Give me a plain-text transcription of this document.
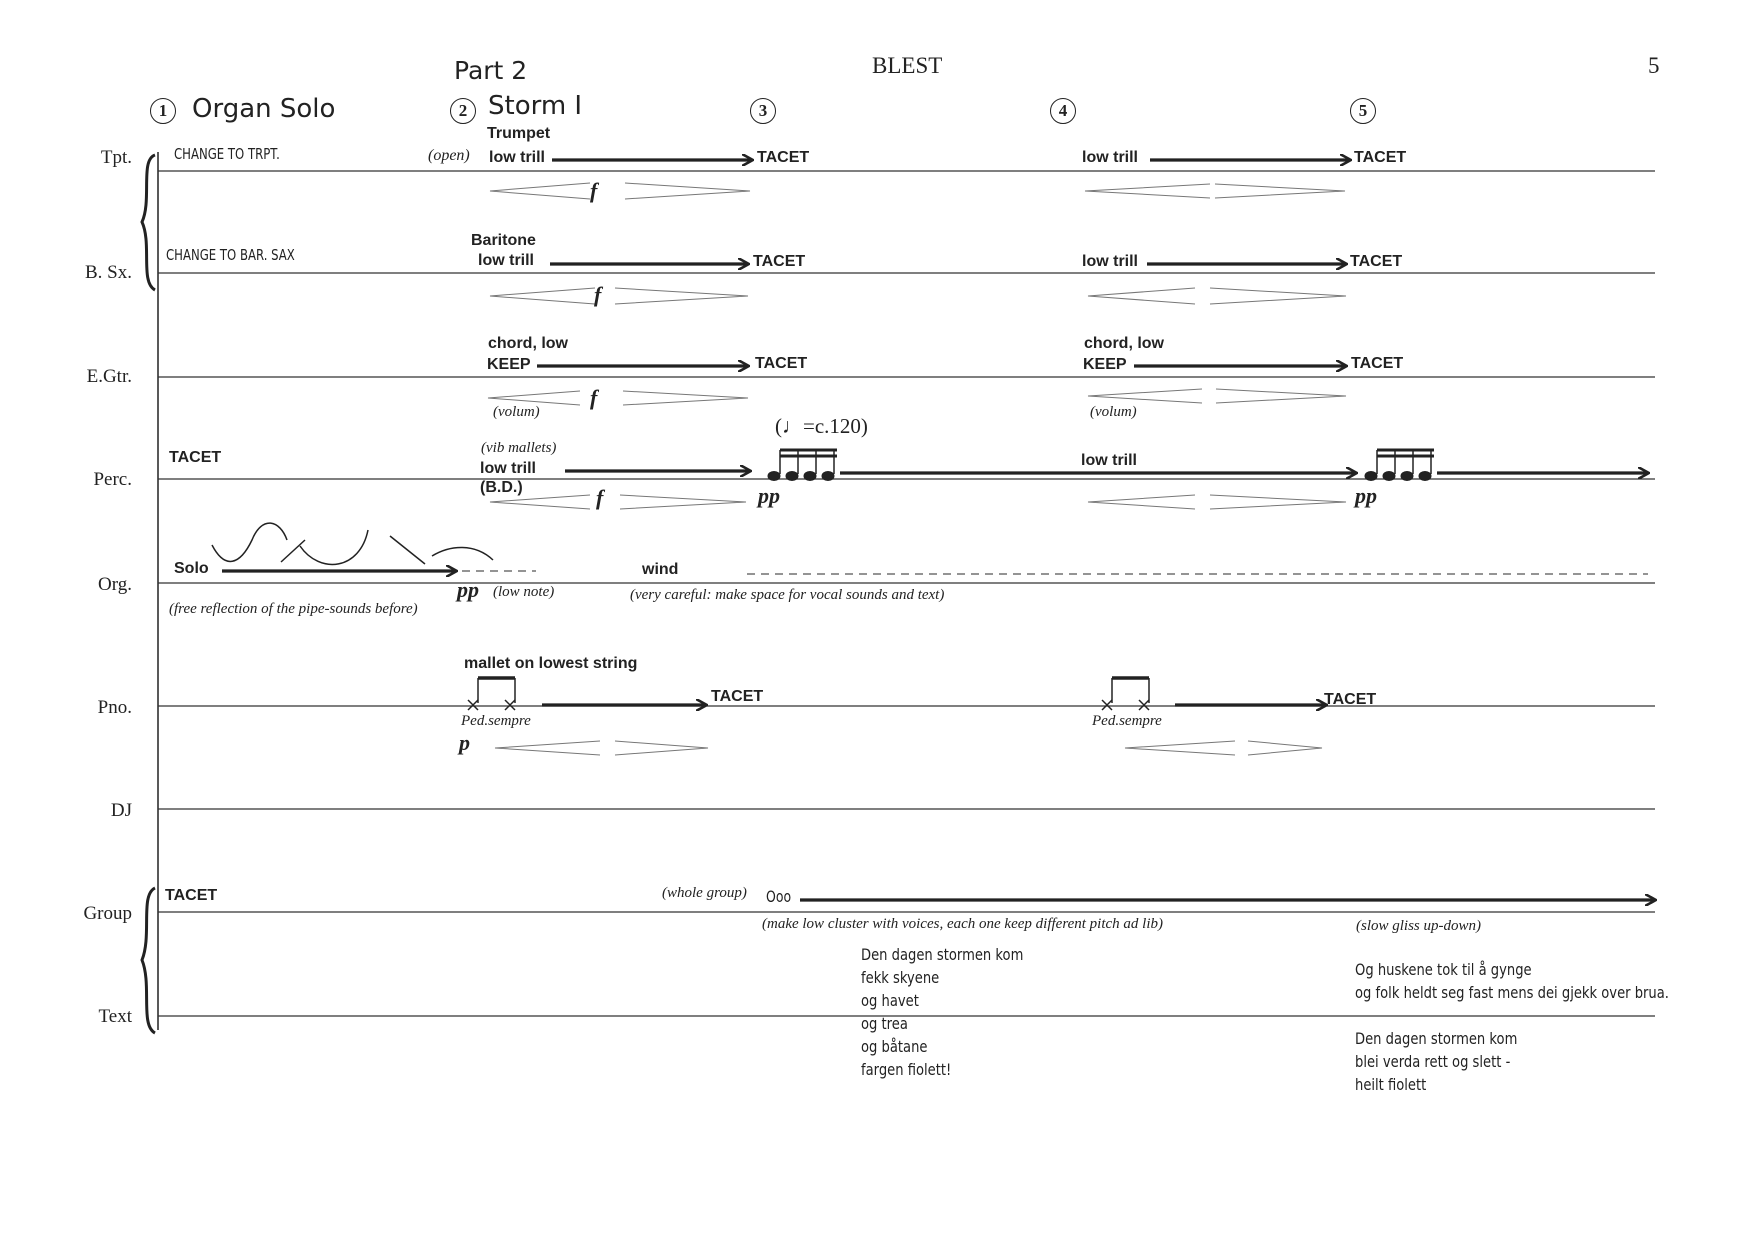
BLEST	5
Part 2
1 Organ Solo	2 Storm I	3	4	5
Tpt.
B. Sx.
E.Gtr.
Perc.
Org.
Pno.
DJ
Group
Text
CHANGE TO TRPT.	(open)
Trumpet
low trill	TACET	low trill	TACET
f
CHANGE TO BAR. SAX
Baritone
low trill	TACET	low trill	TACET
f
chord, low
KEEP	TACET
chord, low
KEEP	TACET
f
(volum)	(volum)
TACET
(vib mallets)
low trill
(B.D.)
(♩=c.120)
pp
low trill
pp
f
Solo
pp (low note)
wind
(free reflection of the pipe-sounds before)
(very careful: make space for vocal sounds and text)
mallet on lowest string
Ped.sempre
p
TACET
Ped.sempre
TACET
TACET	(whole group) Ooo
(make low cluster with voices, each one keep different pitch ad lib)	(slow gliss up-down)
Den dagen stormen kom
fekk skyene
og havet
og trea
og båtane
fargen fiolett!
Og huskene tok til å gynge
og folk heldt seg fast mens dei gjekk over brua.
Den dagen stormen kom
blei verda rett og slett -
heilt fiolett
